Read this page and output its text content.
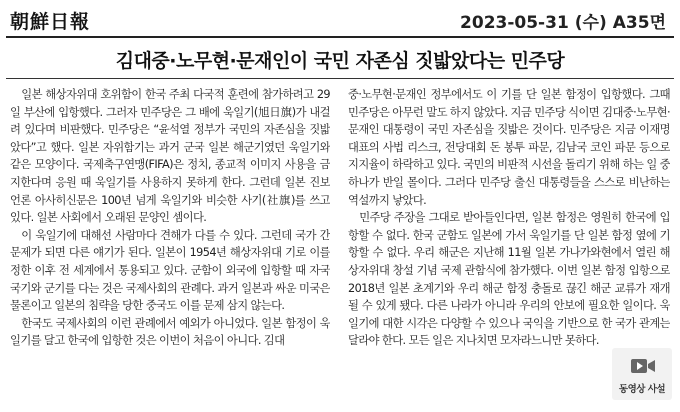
朝鮮日報	2023-05-31 (수) A35면
김대중·노무현·문재인이 국민 자존심 짓밟았다는 민주당

일본 해상자위대 호위함이 한국 주최 다국적 훈련에 참가하려고 29일 부산에 입항했다. 그러자 민주당은 그 배에 욱일기(旭日旗)가 내걸려 있다며 비판했다. 민주당은 “윤석열 정부가 국민의 자존심을 짓밟았다”고 했다. 일본 자위함기는 과거 군국 일본 해군기였던 욱일기와 같은 모양이다. 국제축구연맹(FIFA)은 정치, 종교적 이미지 사용을 금지한다며 응원 때 욱일기를 사용하지 못하게 한다. 그런데 일본 진보 언론 아사히신문은 100년 넘게 욱일기와 비슷한 사기(社旗)를 쓰고 있다. 일본 사회에서 오래된 문양인 셈이다.

이 욱일기에 대해선 사람마다 견해가 다를 수 있다. 그런데 국가 간 문제가 되면 다른 얘기가 된다. 일본이 1954년 해상자위대 기로 이를 정한 이후 전 세계에서 통용되고 있다. 군함이 외국에 입항할 때 자국 국기와 군기를 다는 것은 국제사회의 관례다. 과거 일본과 싸운 미국은 물론이고 일본의 침략을 당한 중국도 이를 문제 삼지 않는다.

한국도 국제사회의 이런 관례에서 예외가 아니었다. 일본 함정이 욱일기를 달고 한국에 입항한 것은 이번이 처음이 아니다. 김대

중·노무현·문재인 정부에서도 이 기를 단 일본 함정이 입항했다. 그때 민주당은 아무런 말도 하지 않았다. 지금 민주당 식이면 김대중·노무현·문재인 대통령이 국민 자존심을 짓밟은 것이다. 민주당은 지금 이재명 대표의 사법 리스크, 전당대회 돈 봉투 파문, 김남국 코인 파문 등으로 지지율이 하락하고 있다. 국민의 비판적 시선을 돌리기 위해 하는 일 중 하나가 반일 몰이다. 그러다 민주당 출신 대통령들을 스스로 비난하는 역설까지 낳았다.

민주당 주장을 그대로 받아들인다면, 일본 함정은 영원히 한국에 입항할 수 없다. 한국 군함도 일본에 가서 욱일기를 단 일본 함정 옆에 기항할 수 없다. 우리 해군은 지난해 11월 일본 가나가와현에서 열린 해상자위대 창설 기념 국제 관함식에 참가했다. 이번 일본 함정 입항으로 2018년 일본 초계기와 우리 해군 함정 충돌로 끊긴 해군 교류가 재개될 수 있게 됐다. 다른 나라가 아니라 우리의 안보에 필요한 일이다. 욱일기에 대한 시각은 다양할 수 있으나 국익을 기반으로 한 국가 관계는 달라야 한다. 모든 일은 지나치면 모자라느니만 못하다.

동영상 사설
